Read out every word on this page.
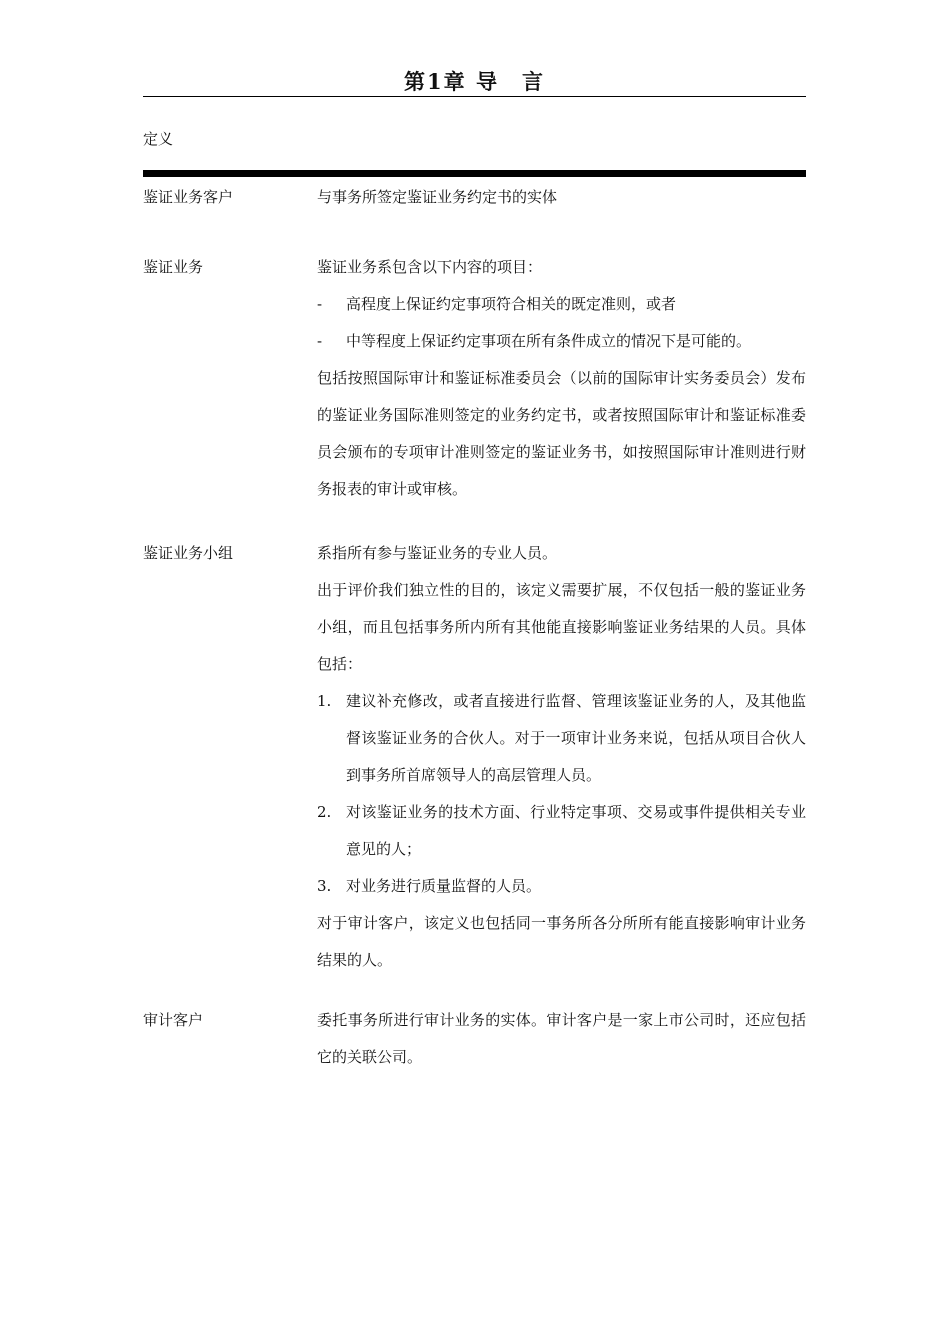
第1章 导　言
定义
鉴证业务客户	与事务所签定鉴证业务约定书的实体

鉴证业务	鉴证业务系包含以下内容的项目：

- 高程度上保证约定事项符合相关的既定准则，或者
- 中等程度上保证约定事项在所有条件成立的情况下是可能的。

包括按照国际审计和鉴证标准委员会（以前的国际审计实务委员会）发布的鉴证业务国际准则签定的业务约定书，或者按照国际审计和鉴证标准委员会颁布的专项审计准则签定的鉴证业务书，如按照国际审计准则进行财务报表的审计或审核。

鉴证业务小组	系指所有参与鉴证业务的专业人员。

出于评价我们独立性的目的，该定义需要扩展，不仅包括一般的鉴证业务小组，而且包括事务所内所有其他能直接影响鉴证业务结果的人员。具体包括：

1. 建议补充修改，或者直接进行监督、管理该鉴证业务的人，及其他监督该鉴证业务的合伙人。对于一项审计业务来说，包括从项目合伙人到事务所首席领导人的高层管理人员。
2. 对该鉴证业务的技术方面、行业特定事项、交易或事件提供相关专业意见的人；
3. 对业务进行质量监督的人员。

对于审计客户，该定义也包括同一事务所各分所所有能直接影响审计业务结果的人。

审计客户	委托事务所进行审计业务的实体。审计客户是一家上市公司时，还应包括它的关联公司。
